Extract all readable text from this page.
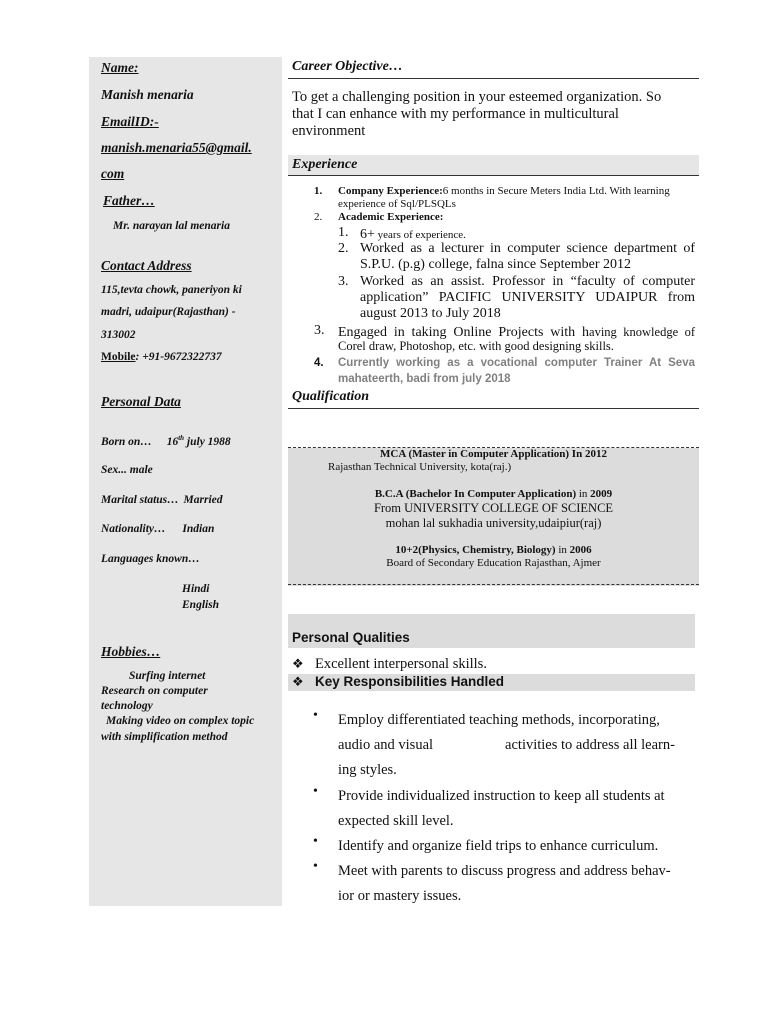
Name:
Manish menaria
EmailID:-
manish.menaria55@gmail.
com
Father…
Mr. narayan lal menaria
Contact Address
115,tevta chowk, paneriyon ki
madri, udaipur(Rajasthan) -
313002
Mobile: +91-9672322737
Personal Data
Born on… 16th july 1988
Sex... male
Marital status… Married
Nationality… Indian
Languages known…
Hindi
English
Hobbies…
Surfing internet
Research on computer
technology
Making video on complex topic
with simplification method
Career Objective…

To get a challenging position in your esteemed organization. So

that I can enhance with my performance in multicultural

environment

Experience
1. Company Experience:6 months in Secure Meters India Ltd. With learning
experience of Sql/PLSQLs
2. Academic Experience:
1. 6+ years of experience.
2. Worked as a lecturer in computer science department of
S.P.U. (p.g) college, falna since September 2012
3. Worked as an assist. Professor in “faculty of computer
application” PACIFIC UNIVERSITY UDAIPUR from
august 2013 to July 2018
3. Engaged in taking Online Projects with having knowledge of
Corel draw, Photoshop, etc. with good designing skills.
4. Currently working as a vocational computer Trainer At Seva
mahateerth, badi from july 2018
Qualification
MCA (Master in Computer Application) In 2012
Rajasthan Technical University, kota(raj.)
B.C.A (Bachelor In Computer Application) in 2009
From UNIVERSITY COLLEGE OF SCIENCE
mohan lal sukhadia university,udaipiur(raj)
10+2(Physics, Chemistry, Biology) in 2006
Board of Secondary Education Rajasthan, Ajmer
Personal Qualities
❖ Excellent interpersonal skills.
❖ Key Responsibilities Handled
• Employ differentiated teaching methods, incorporating,

audio and visual	activities to address all learn-

ing styles.

• Provide individualized instruction to keep all students at

expected skill level.

• Identify and organize field trips to enhance curriculum.
• Meet with parents to discuss progress and address behav-

ior or mastery issues.
